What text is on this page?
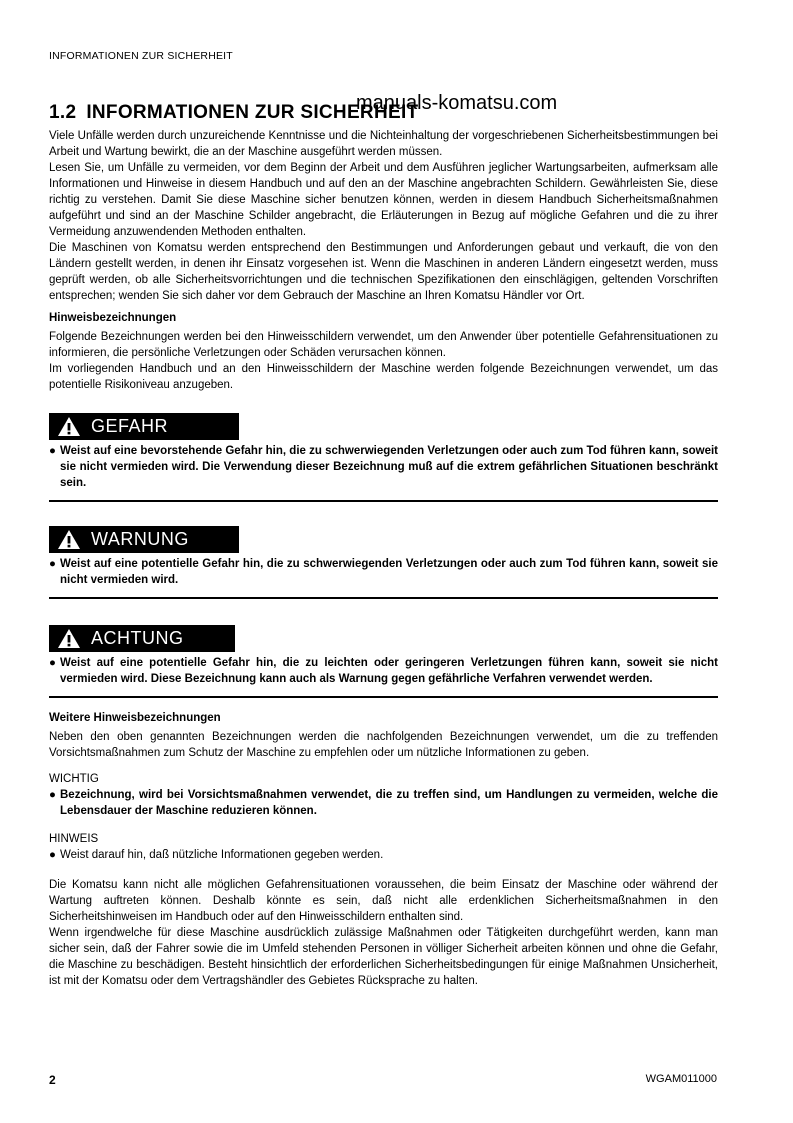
INFORMATIONEN ZUR SICHERHEIT
manuals-komatsu.com
1.2 INFORMATIONEN ZUR SICHERHEIT

Viele Unfälle werden durch unzureichende Kenntnisse und die Nichteinhaltung der vorgeschriebenen Sicherheitsbestimmungen bei Arbeit und Wartung bewirkt, die an der Maschine ausgeführt werden müssen.

Lesen Sie, um Unfälle zu vermeiden, vor dem Beginn der Arbeit und dem Ausführen jeglicher Wartungsarbeiten, aufmerksam alle Informationen und Hinweise in diesem Handbuch und auf den an der Maschine angebrachten Schildern. Gewährleisten Sie, diese richtig zu verstehen. Damit Sie diese Maschine sicher benutzen können, werden in diesem Handbuch Sicherheitsmaßnahmen aufgeführt und sind an der Maschine Schilder angebracht, die Erläuterungen in Bezug auf mögliche Gefahren und die zu ihrer Vermeidung anzuwendenden Methoden enthalten.

Die Maschinen von Komatsu werden entsprechend den Bestimmungen und Anforderungen gebaut und verkauft, die von den Ländern gestellt werden, in denen ihr Einsatz vorgesehen ist. Wenn die Maschinen in anderen Ländern eingesetzt werden, muss geprüft werden, ob alle Sicherheitsvorrichtungen und die technischen Spezifikationen den einschlägigen, geltenden Vorschriften entsprechen; wenden Sie sich daher vor dem Gebrauch der Maschine an Ihren Komatsu Händler vor Ort.

Hinweisbezeichnungen

Folgende Bezeichnungen werden bei den Hinweisschildern verwendet, um den Anwender über potentielle Gefahrensituationen zu informieren, die persönliche Verletzungen oder Schäden verursachen können.

Im vorliegenden Handbuch und an den Hinweisschildern der Maschine werden folgende Bezeichnungen verwendet, um das potentielle Risikoniveau anzugeben.

GEFAHR
● Weist auf eine bevorstehende Gefahr hin, die zu schwerwiegenden Verletzungen oder auch zum Tod führen kann, soweit sie nicht vermieden wird. Die Verwendung dieser Bezeichnung muß auf die extrem gefährlichen Situationen beschränkt sein.
WARNUNG
● Weist auf eine potentielle Gefahr hin, die zu schwerwiegenden Verletzungen oder auch zum Tod führen kann, soweit sie nicht vermieden wird.
ACHTUNG
● Weist auf eine potentielle Gefahr hin, die zu leichten oder geringeren Verletzungen führen kann, soweit sie nicht vermieden wird. Diese Bezeichnung kann auch als Warnung gegen gefährliche Verfahren verwendet werden.
Weitere Hinweisbezeichnungen

Neben den oben genannten Bezeichnungen werden die nachfolgenden Bezeichnungen verwendet, um die zu treffenden Vorsichtsmaßnahmen zum Schutz der Maschine zu empfehlen oder um nützliche Informationen zu geben.

WICHTIG
● Bezeichnung, wird bei Vorsichtsmaßnahmen verwendet, die zu treffen sind, um Handlungen zu vermeiden, welche die Lebensdauer der Maschine reduzieren können.
HINWEIS
● Weist darauf hin, daß nützliche Informationen gegeben werden.

Die Komatsu kann nicht alle möglichen Gefahrensituationen voraussehen, die beim Einsatz der Maschine oder während der Wartung auftreten können. Deshalb könnte es sein, daß nicht alle erdenklichen Sicherheitsmaßnahmen in den Sicherheitshinweisen im Handbuch oder auf den Hinweisschildern enthalten sind.

Wenn irgendwelche für diese Maschine ausdrücklich zulässige Maßnahmen oder Tätigkeiten durchgeführt werden, kann man sicher sein, daß der Fahrer sowie die im Umfeld stehenden Personen in völliger Sicherheit arbeiten können und ohne die Gefahr, die Maschine zu beschädigen. Besteht hinsichtlich der erforderlichen Sicherheitsbedingungen für einige Maßnahmen Unsicherheit, ist mit der Komatsu oder dem Vertragshändler des Gebietes Rücksprache zu halten.

2	WGAM011000
